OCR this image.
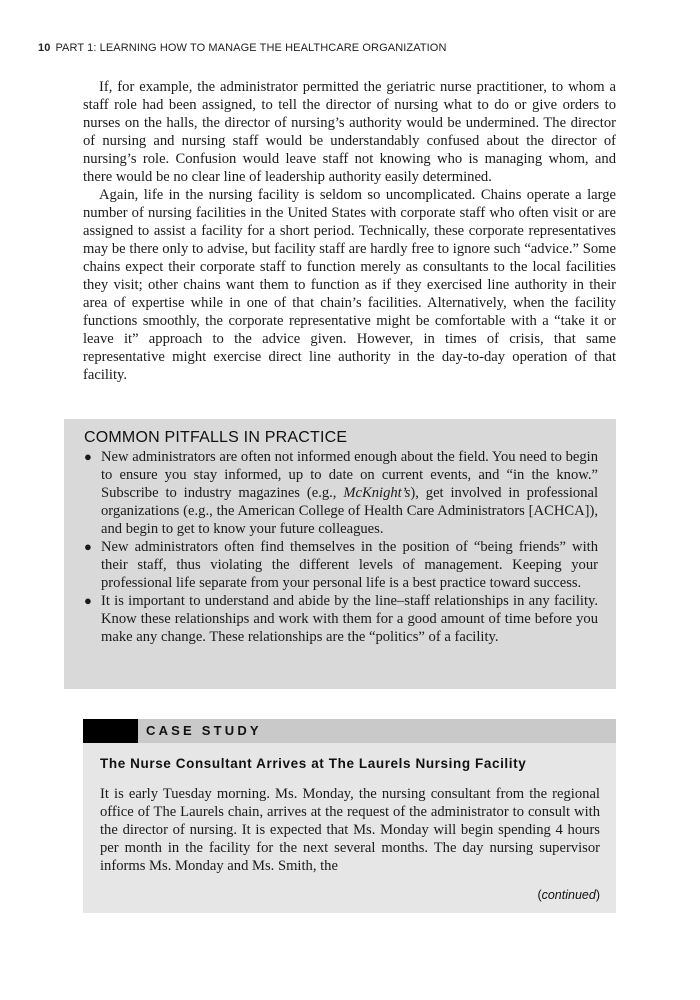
10 PART 1: LEARNING HOW TO MANAGE THE HEALTHCARE ORGANIZATION

If, for example, the administrator permitted the geriatric nurse practitioner, to whom a staff role had been assigned, to tell the director of nursing what to do or give orders to nurses on the halls, the director of nursing’s authority would be undermined. The director of nursing and nursing staff would be understandably confused about the director of nursing’s role. Confusion would leave staff not knowing who is managing whom, and there would be no clear line of leadership authority easily determined.

Again, life in the nursing facility is seldom so uncomplicated. Chains operate a large number of nursing facilities in the United States with corporate staff who often visit or are assigned to assist a facility for a short period. Technically, these corporate representatives may be there only to advise, but facility staff are hardly free to ignore such “advice.” Some chains expect their corporate staff to function merely as consultants to the local facilities they visit; other chains want them to function as if they exercised line authority in their area of expertise while in one of that chain’s facilities. Alternatively, when the facility functions smoothly, the corporate representative might be comfortable with a “take it or leave it” approach to the advice given. However, in times of crisis, that same representative might exercise direct line authority in the day-to-day operation of that facility.

COMMON PITFALLS IN PRACTICE
● New administrators are often not informed enough about the field. You need to begin to ensure you stay informed, up to date on current events, and “in the know.” Subscribe to industry magazines (e.g., McKnight’s), get involved in professional organizations (e.g., the American College of Health Care Administrators [ACHCA]), and begin to get to know your future colleagues.
● New administrators often find themselves in the position of “being friends” with their staff, thus violating the different levels of management. Keeping your professional life separate from your personal life is a best practice toward success.
● It is important to understand and abide by the line–staff relationships in any facility. Know these relationships and work with them for a good amount of time before you make any change. These relationships are the “politics” of a facility.
CASE STUDY
The Nurse Consultant Arrives at The Laurels Nursing Facility

It is early Tuesday morning. Ms. Monday, the nursing consultant from the regional office of The Laurels chain, arrives at the request of the administrator to consult with the director of nursing. It is expected that Ms. Monday will begin spending 4 hours per month in the facility for the next several months. The day nursing supervisor informs Ms. Monday and Ms. Smith, the

(continued)
